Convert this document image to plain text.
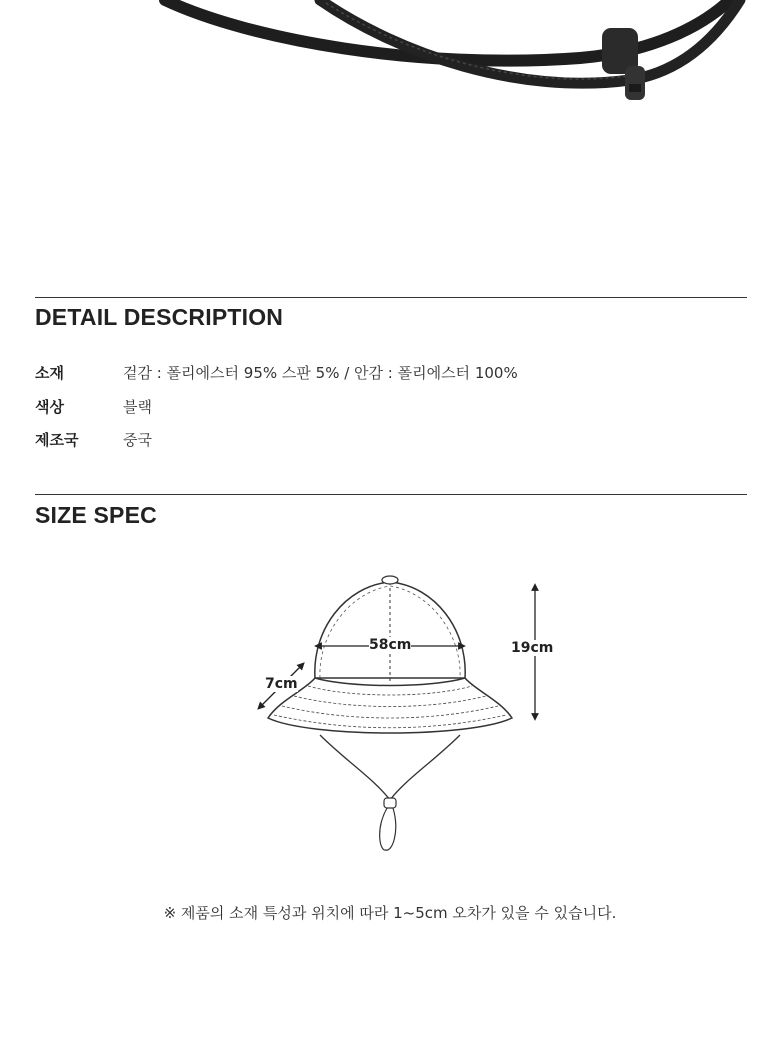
DETAIL DESCRIPTION
소재	겉감 : 폴리에스터 95% 스판 5% / 안감 : 폴리에스터 100%
색상	블랙
제조국	중국
SIZE SPEC
58cm	19cm
7cm
※ 제품의 소재 특성과 위치에 따라 1~5cm 오차가 있을 수 있습니다.
